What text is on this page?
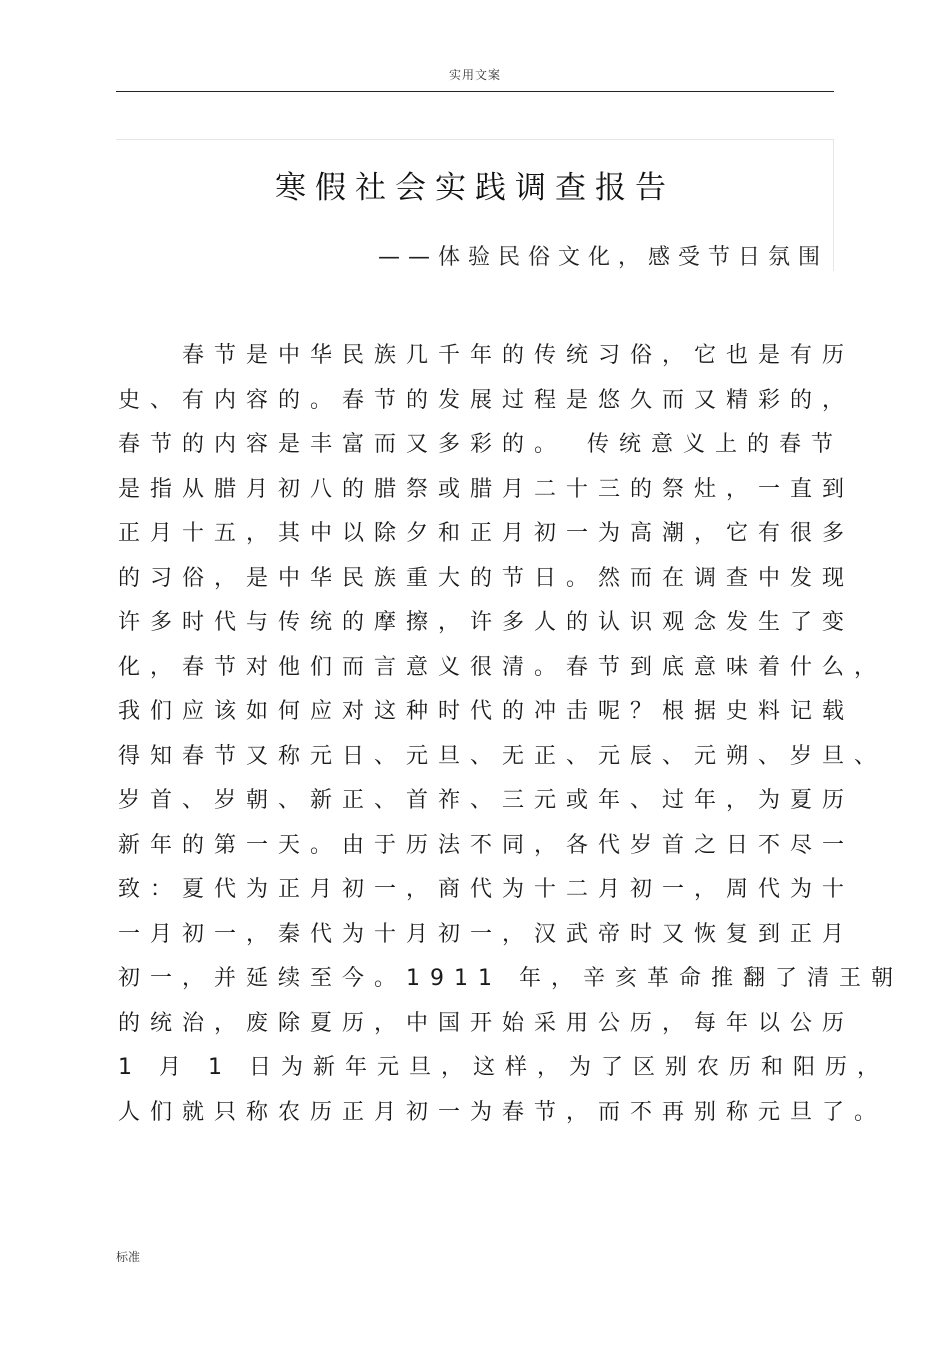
实用文案
寒假社会实践调查报告
——体验民俗文化，感受节日氛围
　　春节是中华民族几千年的传统习俗，它也是有历
史、有内容的。春节的发展过程是悠久而又精彩的，
春节的内容是丰富而又多彩的。　传统意义上的春节
是指从腊月初八的腊祭或腊月二十三的祭灶，一直到
正月十五，其中以除夕和正月初一为高潮，它有很多
的习俗，是中华民族重大的节日。然而在调查中发现
许多时代与传统的摩擦，许多人的认识观念发生了变
化，春节对他们而言意义很清。春节到底意味着什么，
我们应该如何应对这种时代的冲击呢？根据史料记载
得知春节又称元日、元旦、无正、元辰、元朔、岁旦、
岁首、岁朝、新正、首祚、三元或年、过年，为夏历
新年的第一天。由于历法不同，各代岁首之日不尽一
致：夏代为正月初一，商代为十二月初一，周代为十
一月初一，秦代为十月初一，汉武帝时又恢复到正月
初一，并延续至今。1911 年，辛亥革命推翻了清王朝
的统治，废除夏历，中国开始采用公历，每年以公历
1 月 1 日为新年元旦，这样，为了区别农历和阳历，
人们就只称农历正月初一为春节，而不再别称元旦了。
标准
